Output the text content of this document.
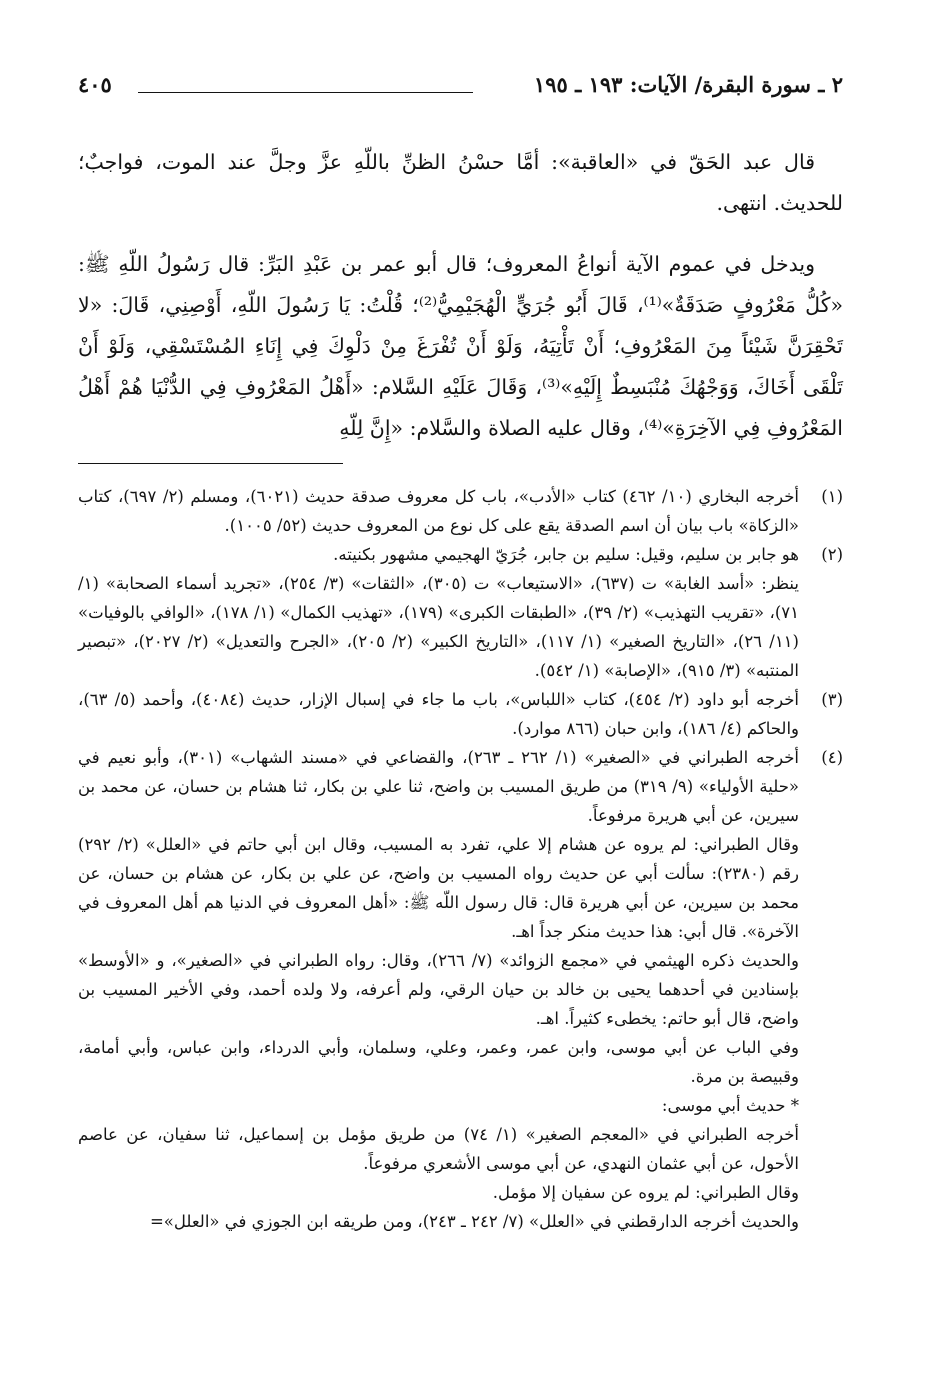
٢ ـ سورة البقرة/ الآيات: ١٩٣ ـ ١٩٥
٤٠٥

قال عبد الحَقّ في «العاقبة»: أمَّا حسْنُ الظنِّ باللّهِ عزَّ وجلَّ عند الموت، فواجبٌ؛ للحديث. انتهى.

ويدخل في عموم الآية أنواعُ المعروف؛ قال أبو عمر بن عَبْدِ البَرِّ: قال رَسُولُ اللّهِ ﷺ: «كُلُّ مَعْرُوفٍ صَدَقَةٌ»⁽¹⁾، قَالَ أَبُو جُرَيٍّ الْهُجَيْمِيُّ⁽²⁾؛ قُلْتُ: يَا رَسُولَ اللّهِ، أَوْصِنِي، قَالَ: «لا تَحْقِرَنَّ شَيْئاً مِنَ المَعْرُوفِ؛ أَنْ تَأْتِيَهُ، وَلَوْ أَنْ تُفْرَغَ مِنْ دَلْوِكَ فِي إِنَاءِ المُسْتَسْقِي، وَلَوْ أَنْ تَلْقَى أَخَاكَ، وَوَجْهُكَ مُنْبَسِطٌ إِلَيْهِ»⁽³⁾، وَقَالَ عَلَيْهِ السَّلام: «أَهْلُ المَعْرُوفِ فِي الدُّنْيَا هُمْ أَهْلُ المَعْرُوفِ فِي الآخِرَةِ»⁽⁴⁾، وقال عليه الصلاة والسَّلام: «إِنَّ لِلّهِ

(١)

أخرجه البخاري (١٠/ ٤٦٢) كتاب «الأدب»، باب كل معروف صدقة حديث (٦٠٢١)، ومسلم (٢/ ٦٩٧)، كتاب «الزكاة» باب بيان أن اسم الصدقة يقع على كل نوع من المعروف حديث (٥٢/ ١٠٠٥).

(٢)

هو جابر بن سليم، وقيل: سليم بن جابر، جُرَيّ الهجيمي مشهور بكنيته.

ينظر: «أسد الغابة» ت (٦٣٧)، «الاستيعاب» ت (٣٠٥)، «الثقات» (٣/ ٢٥٤)، «تجريد أسماء الصحابة» (١/ ٧١)، «تقريب التهذيب» (٢/ ٣٩)، «الطبقات الكبرى» (١٧٩)، «تهذيب الكمال» (١/ ١٧٨)، «الوافي بالوفيات» (١١/ ٢٦)، «التاريخ الصغير» (١/ ١١٧)، «التاريخ الكبير» (٢/ ٢٠٥)، «الجرح والتعديل» (٢/ ٢٠٢٧)، «تبصير المنتبه» (٣/ ٩١٥)، «الإصابة» (١/ ٥٤٢).

(٣)

أخرجه أبو داود (٢/ ٤٥٤)، كتاب «اللباس»، باب ما جاء في إسبال الإزار، حديث (٤٠٨٤)، وأحمد (٥/ ٦٣)، والحاكم (٤/ ١٨٦)، وابن حبان (٨٦٦ موارد).

(٤)

أخرجه الطبراني في «الصغير» (١/ ٢٦٢ ـ ٢٦٣)، والقضاعي في «مسند الشهاب» (٣٠١)، وأبو نعيم في «حلية الأولياء» (٩/ ٣١٩) من طريق المسيب بن واضح، ثنا علي بن بكار، ثنا هشام بن حسان، عن محمد بن سيرين، عن أبي هريرة مرفوعاً.

وقال الطبراني: لم يروه عن هشام إلا علي، تفرد به المسيب، وقال ابن أبي حاتم في «العلل» (٢/ ٢٩٢) رقم (٢٣٨٠): سألت أبي عن حديث رواه المسيب بن واضح، عن علي بن بكار، عن هشام بن حسان، عن محمد بن سيرين، عن أبي هريرة قال: قال رسول اللّه ﷺ: «أهل المعروف في الدنيا هم أهل المعروف في الآخرة». قال أبي: هذا حديث منكر جداً اهـ.

والحديث ذكره الهيثمي في «مجمع الزوائد» (٧/ ٢٦٦)، وقال: رواه الطبراني في «الصغير»، و «الأوسط» بإسنادين في أحدهما يحيى بن خالد بن حيان الرقي، ولم أعرفه، ولا ولده أحمد، وفي الأخير المسيب بن واضح، قال أبو حاتم: يخطىء كثيراً. اهـ.

وفي الباب عن أبي موسى، وابن عمر، وعمر، وعلي، وسلمان، وأبي الدرداء، وابن عباس، وأبي أمامة، وقبيصة بن مرة.

* حديث أبي موسى:

أخرجه الطبراني في «المعجم الصغير» (١/ ٧٤) من طريق مؤمل بن إسماعيل، ثنا سفيان، عن عاصم الأحول، عن أبي عثمان النهدي، عن أبي موسى الأشعري مرفوعاً.

وقال الطبراني: لم يروه عن سفيان إلا مؤمل.

والحديث أخرجه الدارقطني في «العلل» (٧/ ٢٤٢ ـ ٢٤٣)، ومن طريقه ابن الجوزي في «العلل»=
